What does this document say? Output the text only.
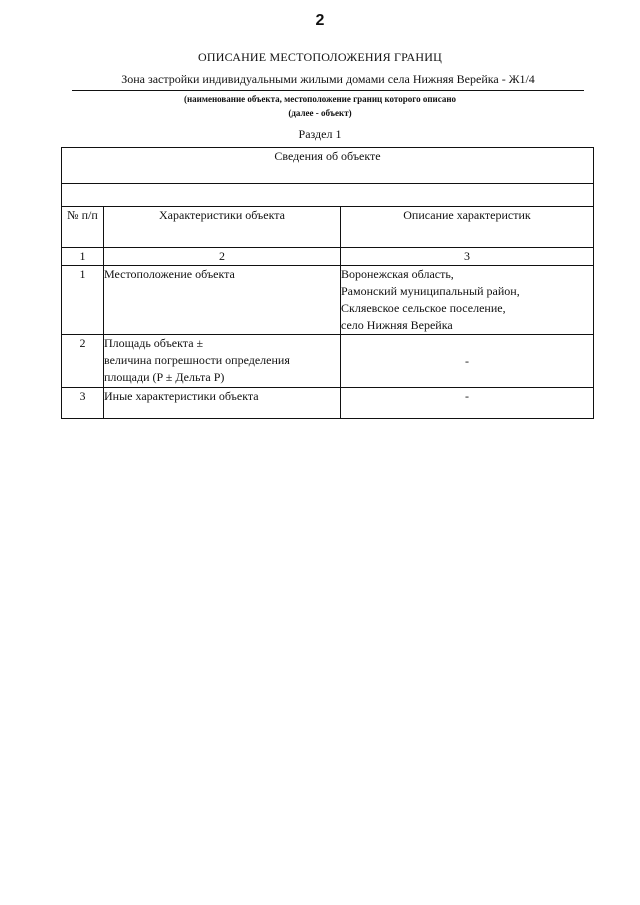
2
ОПИСАНИЕ МЕСТОПОЛОЖЕНИЯ ГРАНИЦ
Зона застройки индивидуальными жилыми домами села Нижняя Верейка - Ж1/4
(наименование объекта, местоположение границ которого описано
(далее - объект)
Раздел 1
Сведения об объекте		

№ п/п	Характеристики объекта	Описание характеристик
1	2	3
1	Местоположение объекта	Воронежская область,
Рамонский муниципальный район,
Скляевское сельское поселение,
село Нижняя Верейка

2	Площадь объекта ±
величина погрешности определения
площади (P ± Дельта P)	-
3	Иные характеристики объекта	-
